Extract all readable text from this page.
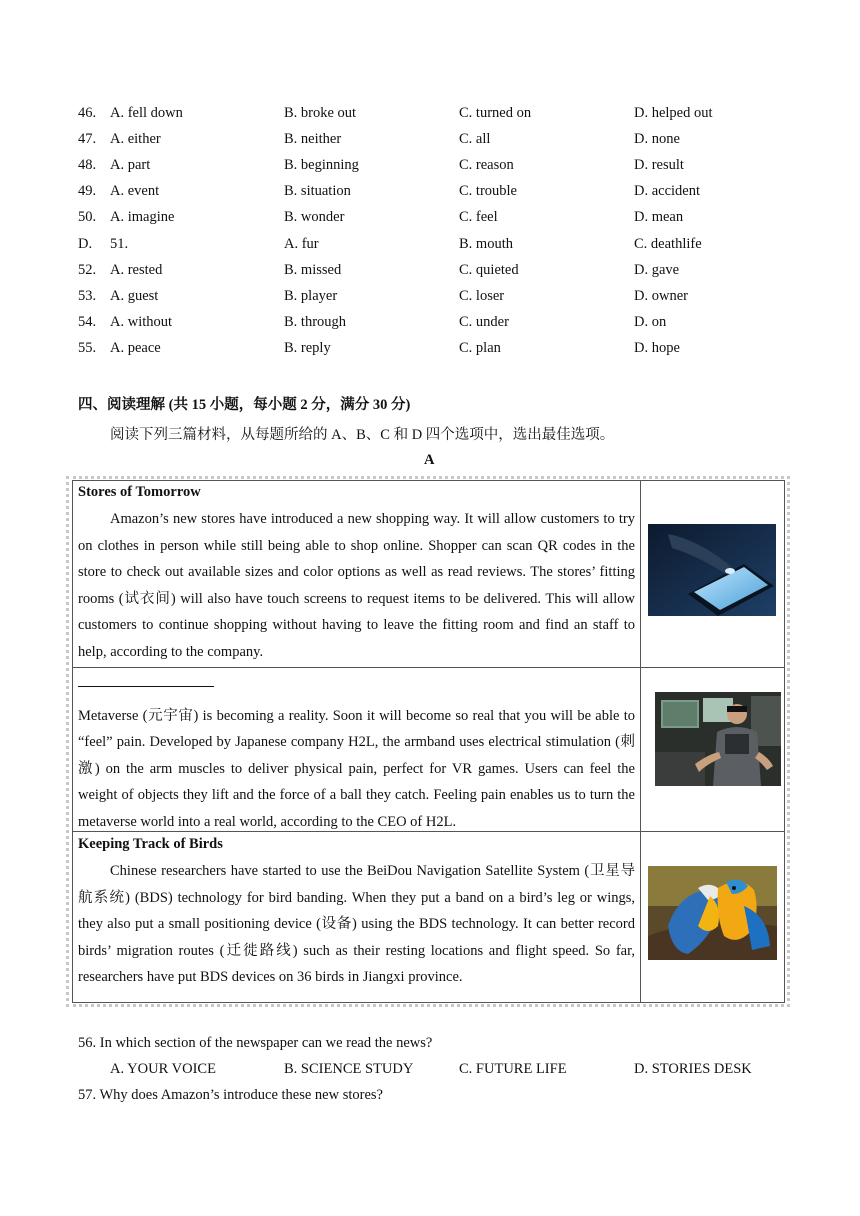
46. A. fell down	B. broke out	C. turned on	D. helped out
47. A. either	B. neither	C. all	D. none
48. A. part	B. beginning	C. reason	D. result
49. A. event	B. situation	C. trouble	D. accident
50. A. imagine	B. wonder	C. feel	D. mean
D. 51.	A. fur	B. mouth	C. deathlife
52. A. rested	B. missed	C. quieted	D. gave
53. A. guest	B. player	C. loser	D. owner
54. A. without	B. through	C. under	D. on
55. A. peace	B. reply	C. plan	D. hope
四、阅读理解 (共 15 小题，每小题 2 分，满分 30 分)
阅读下列三篇材料，从每题所给的 A、B、C 和 D 四个选项中，选出最佳选项。
A
Stores of Tomorrow

Amazon’s new stores have introduced a new shopping way. It will allow customers to try on clothes in person while still being able to shop online. Shopper can scan QR codes in the store to check out available sizes and color options as well as read reviews. The stores’ fitting rooms (试衣间) will also have touch screens to request items to be delivered. This will allow customers to continue shopping without having to leave the fitting room and find an staff to help, according to the company.

Metaverse (元宇宙) is becoming a reality. Soon it will become so real that you will be able to “feel” pain. Developed by Japanese company H2L, the armband uses electrical stimulation (刺激) on the arm muscles to deliver physical pain, perfect for VR games. Users can feel the weight of objects they lift and the force of a ball they catch. Feeling pain enables us to turn the metaverse world into a real world, according to the CEO of H2L.
Keeping Track of Birds

Chinese researchers have started to use the BeiDou Navigation Satellite System (卫星导航系统) (BDS) technology for bird banding. When they put a band on a bird’s leg or wings, they also put a small positioning device (设备) using the BDS technology. It can better record birds’ migration routes (迁徙路线) such as their resting locations and flight speed. So far, researchers have put BDS devices on 36 birds in Jiangxi province.

56. In which section of the newspaper can we read the news?
A. YOUR VOICE	B. SCIENCE STUDY	C. FUTURE LIFE	D. STORIES DESK
57. Why does Amazon’s introduce these new stores?
